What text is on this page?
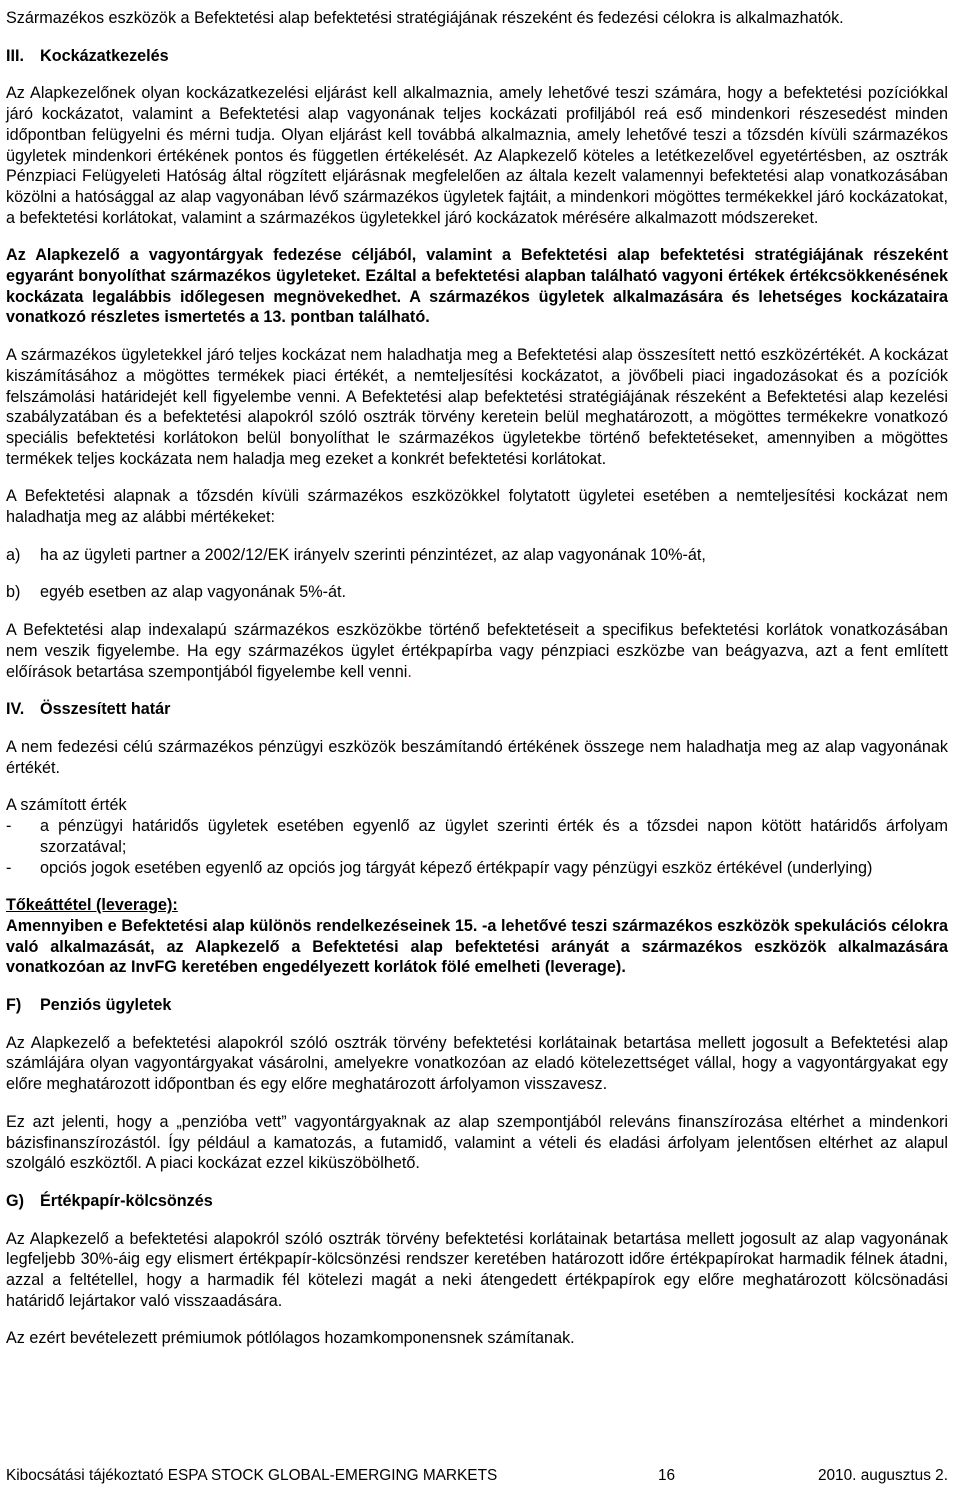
Származékos eszközök a Befektetési alap befektetési stratégiájának részeként és fedezési célokra is alkalmazhatók.

III. Kockázatkezelés

Az Alapkezelőnek olyan kockázatkezelési eljárást kell alkalmaznia, amely lehetővé teszi számára, hogy a befektetési pozíciókkal járó kockázatot, valamint a Befektetési alap vagyonának teljes kockázati profiljából reá eső mindenkori részesedést minden időpontban felügyelni és mérni tudja. Olyan eljárást kell továbbá alkalmaznia, amely lehetővé teszi a tőzsdén kívüli származékos ügyletek mindenkori értékének pontos és független értékelését. Az Alapkezelő köteles a letétkezelővel egyetértésben, az osztrák Pénzpiaci Felügyeleti Hatóság által rögzített eljárásnak megfelelően az általa kezelt valamennyi befektetési alap vonatkozásában közölni a hatósággal az alap vagyonában lévő származékos ügyletek fajtáit, a mindenkori mögöttes termékekkel járó kockázatokat, a befektetési korlátokat, valamint a származékos ügyletekkel járó kockázatok mérésére alkalmazott módszereket.

Az Alapkezelő a vagyontárgyak fedezése céljából, valamint a Befektetési alap befektetési stratégiájának részeként egyaránt bonyolíthat származékos ügyleteket. Ezáltal a befektetési alapban található vagyoni értékek értékcsökkenésének kockázata legalábbis időlegesen megnövekedhet. A származékos ügyletek alkalmazására és lehetséges kockázataira vonatkozó részletes ismertetés a 13. pontban található.

A származékos ügyletekkel járó teljes kockázat nem haladhatja meg a Befektetési alap összesített nettó eszközértékét. A kockázat kiszámításához a mögöttes termékek piaci értékét, a nemteljesítési kockázatot, a jövőbeli piaci ingadozásokat és a pozíciók felszámolási határidejét kell figyelembe venni. A Befektetési alap befektetési stratégiájának részeként a Befektetési alap kezelési szabályzatában és a befektetési alapokról szóló osztrák törvény keretein belül meghatározott, a mögöttes termékekre vonatkozó speciális befektetési korlátokon belül bonyolíthat le származékos ügyletekbe történő befektetéseket, amennyiben a mögöttes termékek teljes kockázata nem haladja meg ezeket a konkrét befektetési korlátokat.

A Befektetési alapnak a tőzsdén kívüli származékos eszközökkel folytatott ügyletei esetében a nemteljesítési kockázat nem haladhatja meg az alábbi mértékeket:

a)	ha az ügyleti partner a 2002/12/EK irányelv szerinti pénzintézet, az alap vagyonának 10%-át,
b)	egyéb esetben az alap vagyonának 5%-át.

A Befektetési alap indexalapú származékos eszközökbe történő befektetéseit a specifikus befektetési korlátok vonatkozásában nem veszik figyelembe. Ha egy származékos ügylet értékpapírba vagy pénzpiaci eszközbe van beágyazva, azt a fent említett előírások betartása szempontjából figyelembe kell venni.

IV. Összesített határ

A nem fedezési célú származékos pénzügyi eszközök beszámítandó értékének összege nem haladhatja meg az alap vagyonának értékét.

A számított érték

-	a pénzügyi határidős ügyletek esetében egyenlő az ügylet szerinti érték és a tőzsdei napon kötött határidős árfolyam szorzatával;
-	opciós jogok esetében egyenlő az opciós jog tárgyát képező értékpapír vagy pénzügyi eszköz értékével (underlying)

Tőkeáttétel (leverage):

Amennyiben e Befektetési alap különös rendelkezéseinek 15. -a lehetővé teszi származékos eszközök spekulációs célokra való alkalmazását, az Alapkezelő a Befektetési alap befektetési arányát a származékos eszközök alkalmazására vonatkozóan az InvFG keretében engedélyezett korlátok fölé emelheti (leverage).

F)	Penziós ügyletek

Az Alapkezelő a befektetési alapokról szóló osztrák törvény befektetési korlátainak betartása mellett jogosult a Befektetési alap számlájára olyan vagyontárgyakat vásárolni, amelyekre vonatkozóan az eladó kötelezettséget vállal, hogy a vagyontárgyakat egy előre meghatározott időpontban és egy előre meghatározott árfolyamon visszavesz.

Ez azt jelenti, hogy a „penzióba vett” vagyontárgyaknak az alap szempontjából releváns finanszírozása eltérhet a mindenkori bázisfinanszírozástól. Így például a kamatozás, a futamidő, valamint a vételi és eladási árfolyam jelentősen eltérhet az alapul szolgáló eszköztől. A piaci kockázat ezzel kiküszöbölhető.

G) Értékpapír-kölcsönzés

Az Alapkezelő a befektetési alapokról szóló osztrák törvény befektetési korlátainak betartása mellett jogosult az alap vagyonának legfeljebb 30%-áig egy elismert értékpapír-kölcsönzési rendszer keretében határozott időre értékpapírokat harmadik félnek átadni, azzal a feltétellel, hogy a harmadik fél kötelezi magát a neki átengedett értékpapírok egy előre meghatározott kölcsönadási határidő lejártakor való visszaadására.

Az ezért bevételezett prémiumok pótlólagos hozamkomponensnek számítanak.

Kibocsátási tájékoztató ESPA STOCK GLOBAL-EMERGING MARKETS	16	2010. augusztus 2.
